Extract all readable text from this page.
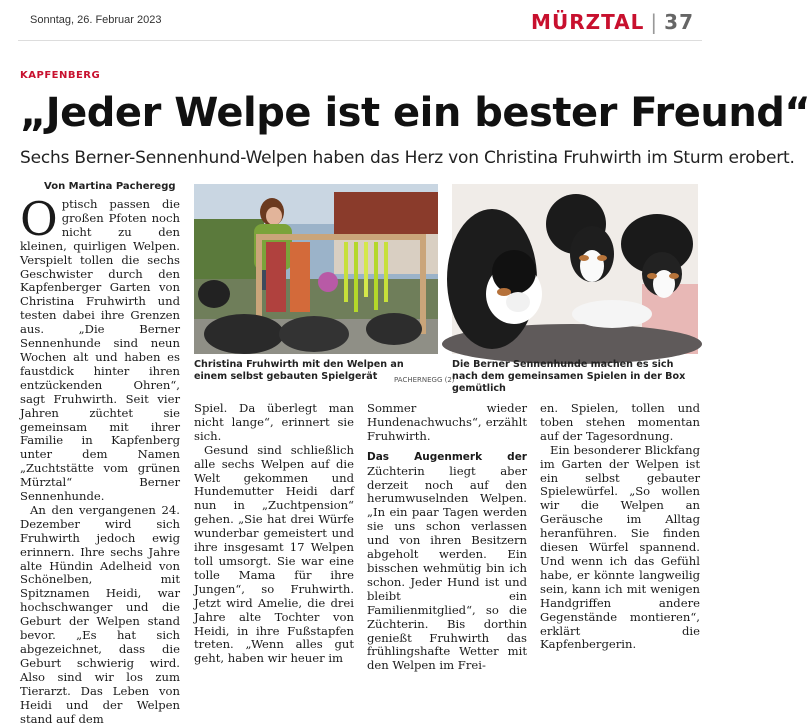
Sonntag, 26. Februar 2023	MÜRZTAL | 37
KAPFENBERG
„Jeder Welpe ist ein bester Freund“
Sechs Berner-Sennenhund-Welpen haben das Herz von Christina Fruhwirth im Sturm erobert.
Von Martina Pacheregg
O ptisch passen die großen Pfoten noch nicht zu den kleinen, quirligen Welpen. Verspielt tollen die sechs Geschwister durch den Kapfenberger Garten von Christina Fruhwirth und testen dabei ihre Grenzen aus. „Die Berner Sennenhunde sind neun Wochen alt und haben es faustdick hinter ihren entzückenden Ohren“, sagt Fruhwirth. Seit vier Jahren züchtet sie gemeinsam mit ihrer Familie in Kapfenberg unter dem Namen „Zuchtstätte vom grünen Mürztal“ Berner Sennenhunde.

An den vergangenen 24. Dezember wird sich Fruhwirth jedoch ewig erinnern. Ihre sechs Jahre alte Hündin Adelheid von Schönelben, mit Spitznamen Heidi, war hochschwanger und die Geburt der Welpen stand bevor. „Es hat sich abgezeichnet, dass die Geburt schwierig wird. Also sind wir los zum Tierarzt. Das Leben von Heidi und der Welpen stand auf dem

Christina Fruhwirth mit den Welpen an einem selbst gebauten Spielgerät	PACHERNEGG (2)
Die Berner Sennenhunde machen es sich nach dem gemeinsamen Spielen in der Box gemütlich

Spiel. Da überlegt man nicht lange“, erinnert sie sich.

Gesund sind schließlich alle sechs Welpen auf die Welt gekommen und Hundemutter Heidi darf nun in „Zuchtpension“ gehen. „Sie hat drei Würfe wunderbar gemeistert und ihre insgesamt 17 Welpen toll umsorgt. Sie war eine tolle Mama für ihre Jungen“, so Fruhwirth. Jetzt wird Amelie, die drei Jahre alte Tochter von Heidi, in ihre Fußstapfen treten. „Wenn alles gut geht, haben wir heuer im

Sommer wieder Hundenachwuchs“, erzählt Fruhwirth.

Das Augenmerk der Züchterin liegt aber derzeit noch auf den herumwuselnden Welpen. „In ein paar Tagen werden sie uns schon verlassen und von ihren Besitzern abgeholt werden. Ein bisschen wehmütig bin ich schon. Jeder Hund ist und bleibt ein Familienmitglied“, so die Züchterin. Bis dorthin genießt Fruhwirth das frühlingshafte Wetter mit den Welpen im Frei-

en. Spielen, tollen und toben stehen momentan auf der Tagesordnung.

Ein besonderer Blickfang im Garten der Welpen ist ein selbst gebauter Spielewürfel. „So wollen wir die Welpen an Geräusche im Alltag heranführen. Sie finden diesen Würfel spannend. Und wenn ich das Gefühl habe, er könnte langweilig sein, kann ich mit wenigen Handgriffen andere Gegenstände montieren“, erklärt die Kapfenbergerin.
